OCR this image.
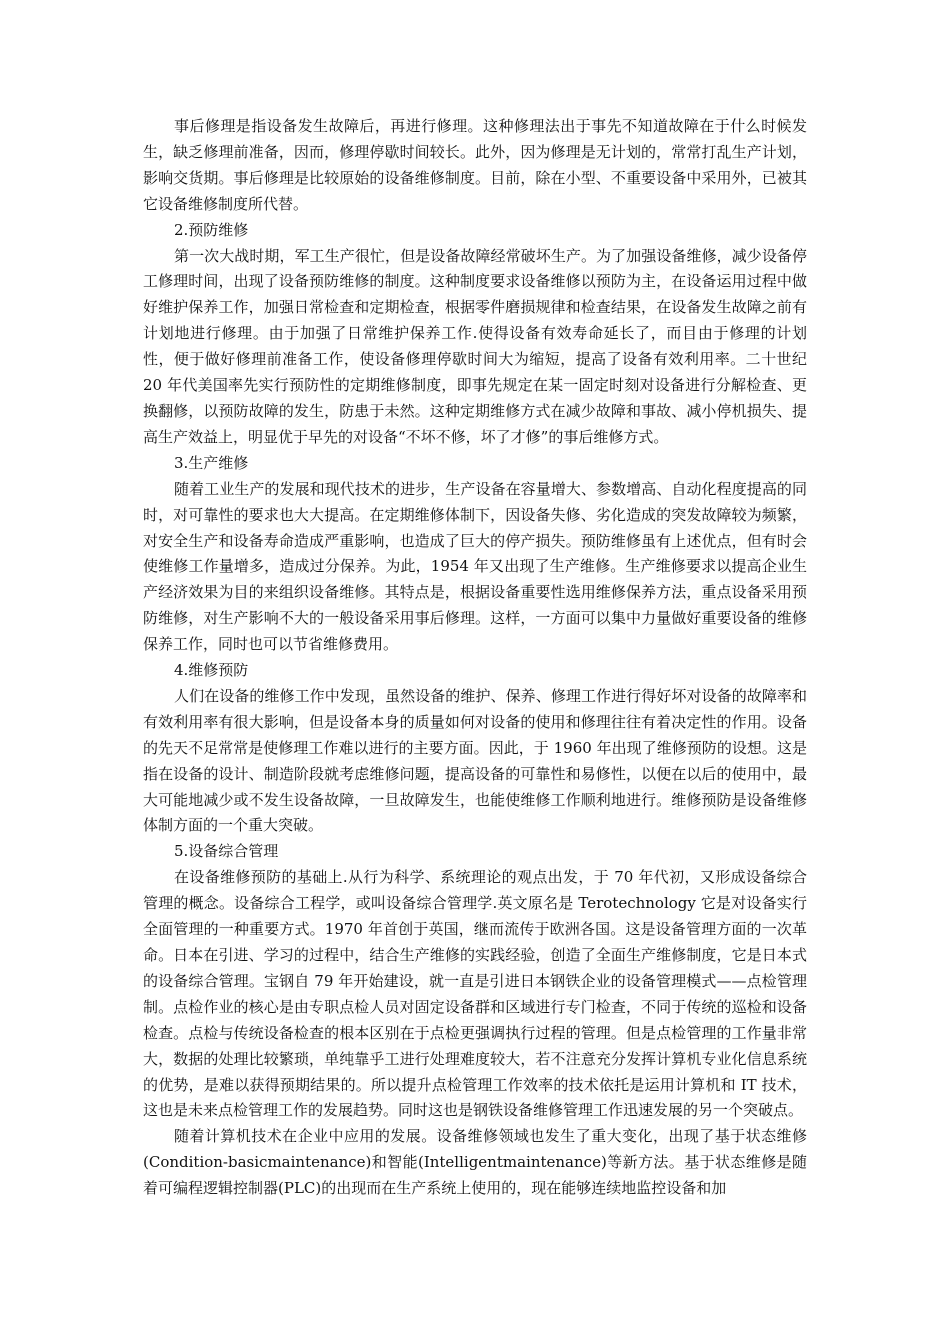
事后修理是指设备发生故障后，再进行修理。这种修理法出于事先不知道故障在于什么时候发生，缺乏修理前准备，因而，修理停歇时间较长。此外，因为修理是无计划的，常常打乱生产计划，影响交货期。事后修理是比较原始的设备维修制度。目前，除在小型、不重要设备中采用外，已被其它设备维修制度所代替。

2.预防维修

第一次大战时期，军工生产很忙，但是设备故障经常破坏生产。为了加强设备维修，减少设备停工修理时间，出现了设备预防维修的制度。这种制度要求设备维修以预防为主，在设备运用过程中做好维护保养工作，加强日常检查和定期检查，根据零件磨损规律和检查结果，在设备发生故障之前有计划地进行修理。由于加强了日常维护保养工作.使得设备有效寿命延长了，而目由于修理的计划性，便于做好修理前准备工作，使设备修理停歇时间大为缩短，提高了设备有效利用率。二十世纪 20 年代美国率先实行预防性的定期维修制度，即事先规定在某一固定时刻对设备进行分解检查、更换翻修，以预防故障的发生，防患于未然。这种定期维修方式在减少故障和事故、减小停机损失、提高生产效益上，明显优于早先的对设备“不坏不修，坏了才修”的事后维修方式。

3.生产维修

随着工业生产的发展和现代技术的进步，生产设备在容量增大、参数增高、自动化程度提高的同时，对可靠性的要求也大大提高。在定期维修体制下，因设备失修、劣化造成的突发故障较为频繁，对安全生产和设备寿命造成严重影响，也造成了巨大的停产损失。预防维修虽有上述优点，但有时会使维修工作量增多，造成过分保养。为此，1954 年又出现了生产维修。生产维修要求以提高企业生产经济效果为目的来组织设备维修。其特点是，根据设备重要性选用维修保养方法，重点设备采用预防维修，对生产影响不大的一般设备采用事后修理。这样，一方面可以集中力量做好重要设备的维修保养工作，同时也可以节省维修费用。

4.维修预防

人们在设备的维修工作中发现，虽然设备的维护、保养、修理工作进行得好坏对设备的故障率和有效利用率有很大影响，但是设备本身的质量如何对设备的使用和修理往往有着决定性的作用。设备的先天不足常常是使修理工作难以进行的主要方面。因此，于 1960 年出现了维修预防的设想。这是指在设备的设计、制造阶段就考虑维修问题，提高设备的可靠性和易修性，以便在以后的使用中，最大可能地减少或不发生设备故障，一旦故障发生，也能使维修工作顺利地进行。维修预防是设备维修体制方面的一个重大突破。

5.设备综合管理

在设备维修预防的基础上.从行为科学、系统理论的观点出发，于 70 年代初，又形成设备综合管理的概念。设备综合工程学，或叫设备综合管理学.英文原名是 Terotechnology 它是对设备实行全面管理的一种重要方式。1970 年首创于英国，继而流传于欧洲各国。这是设备管理方面的一次革命。日本在引进、学习的过程中，结合生产维修的实践经验，创造了全面生产维修制度，它是日本式的设备综合管理。宝钢自 79 年开始建设，就一直是引进日本钢铁企业的设备管理模式——点检管理制。点检作业的核心是由专职点检人员对固定设备群和区域进行专门检查，不同于传统的巡检和设备检查。点检与传统设备检查的根本区别在于点检更强调执行过程的管理。但是点检管理的工作量非常大，数据的处理比较繁琐，单纯靠乎工进行处理难度较大，若不注意充分发挥计算机专业化信息系统的优势，是难以获得预期结果的。所以提升点检管理工作效率的技术依托是运用计算机和 IT 技术，这也是未来点检管理工作的发展趋势。同时这也是钢铁设备维修管理工作迅速发展的另一个突破点。

随着计算机技术在企业中应用的发展。设备维修领域也发生了重大变化，出现了基于状态维修(Condition-basicmaintenance)和智能(Intelligentmaintenance)等新方法。基于状态维修是随着可编程逻辑控制器(PLC)的出现而在生产系统上使用的，现在能够连续地监控设备和加
